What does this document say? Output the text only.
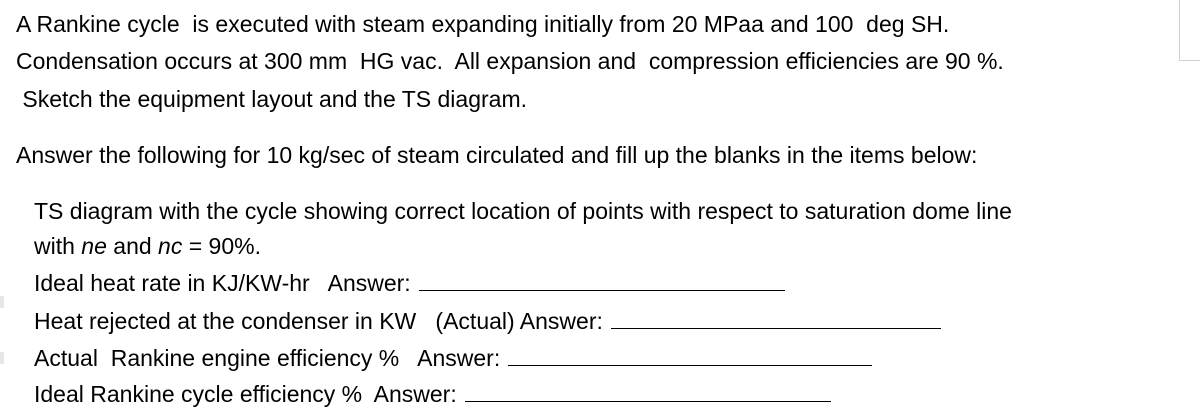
A Rankine cycle  is executed with steam expanding initially from 20 MPaa and 100  deg SH.
Condensation occurs at 300 mm  HG vac.  All expansion and  compression efficiencies are 90 %.
Sketch the equipment layout and the TS diagram.
Answer the following for 10 kg/sec of steam circulated and fill up the blanks in the items below:
TS diagram with the cycle showing correct location of points with respect to saturation dome line
with ne and nc = 90%.
Ideal heat rate in KJ/KW-hr   Answer:
Heat rejected at the condenser in KW   (Actual) Answer:
Actual  Rankine engine efficiency %   Answer:
Ideal Rankine cycle efficiency %  Answer:
